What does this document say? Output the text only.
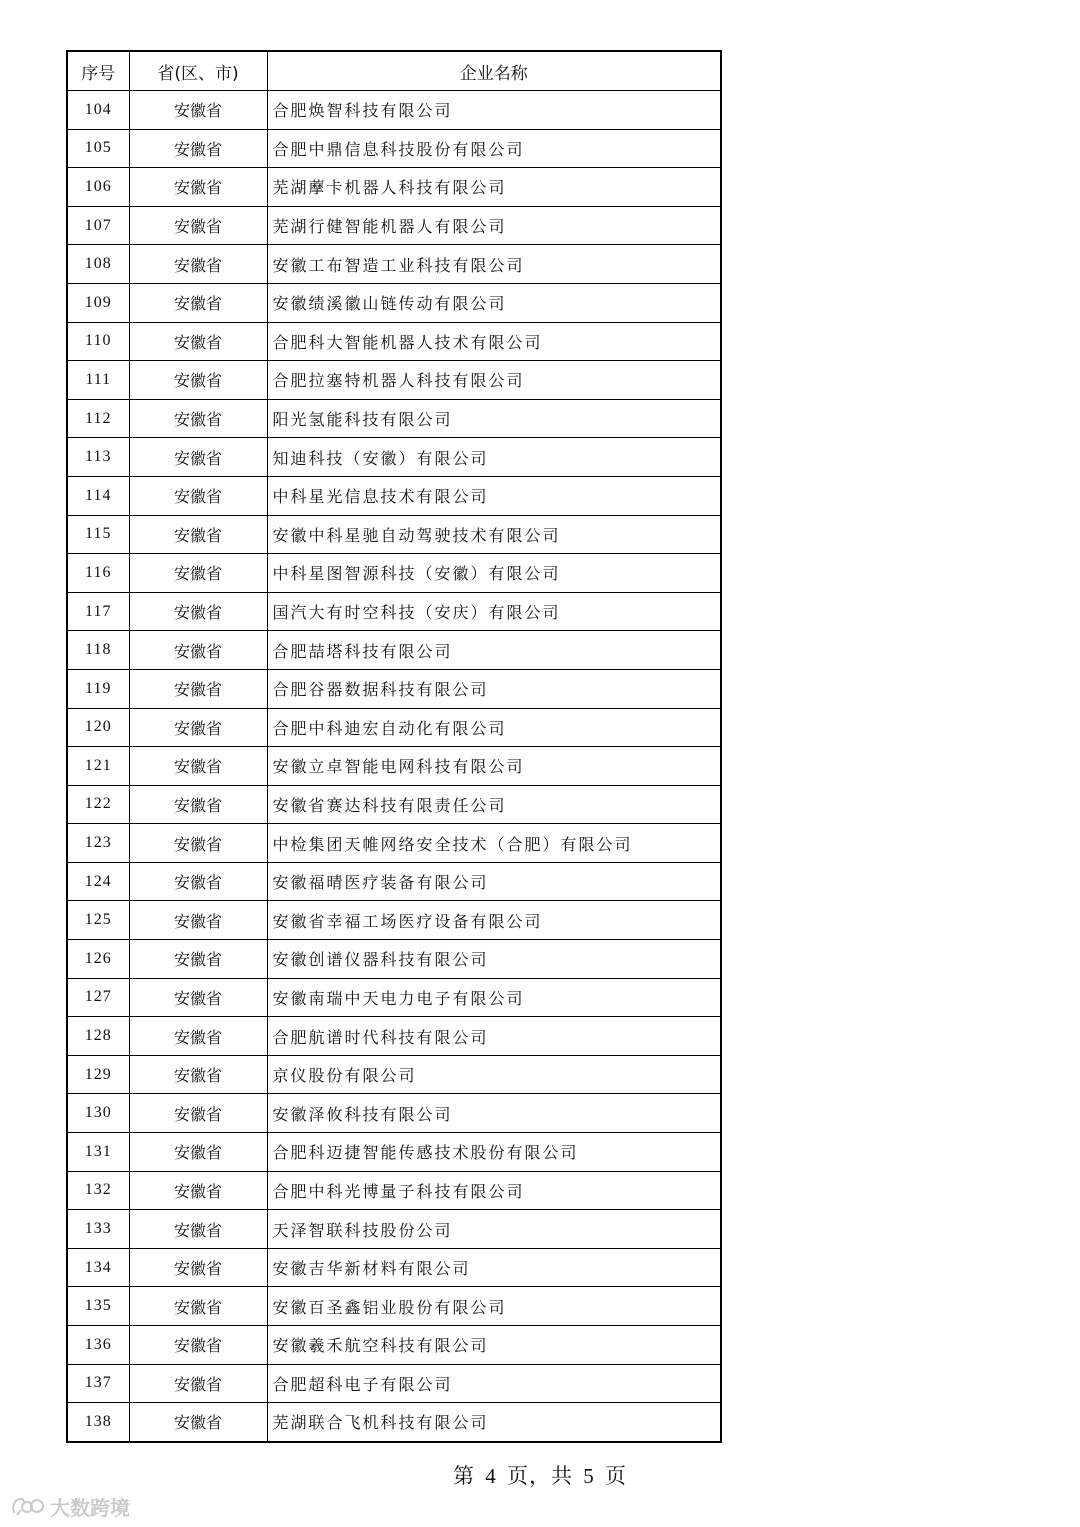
序号	省(区、市)	企业名称
104	安徽省	合肥焕智科技有限公司
105	安徽省	合肥中鼎信息科技股份有限公司
106	安徽省	芜湖藦卡机器人科技有限公司
107	安徽省	芜湖行健智能机器人有限公司
108	安徽省	安徽工布智造工业科技有限公司
109	安徽省	安徽绩溪徽山链传动有限公司
110	安徽省	合肥科大智能机器人技术有限公司
111	安徽省	合肥拉塞特机器人科技有限公司
112	安徽省	阳光氢能科技有限公司
113	安徽省	知迪科技（安徽）有限公司
114	安徽省	中科星光信息技术有限公司
115	安徽省	安徽中科星驰自动驾驶技术有限公司
116	安徽省	中科星图智源科技（安徽）有限公司
117	安徽省	国汽大有时空科技（安庆）有限公司
118	安徽省	合肥喆塔科技有限公司
119	安徽省	合肥谷器数据科技有限公司
120	安徽省	合肥中科迪宏自动化有限公司
121	安徽省	安徽立卓智能电网科技有限公司
122	安徽省	安徽省赛达科技有限责任公司
123	安徽省	中检集团天帷网络安全技术（合肥）有限公司
124	安徽省	安徽福晴医疗装备有限公司
125	安徽省	安徽省幸福工场医疗设备有限公司
126	安徽省	安徽创谱仪器科技有限公司
127	安徽省	安徽南瑞中天电力电子有限公司
128	安徽省	合肥航谱时代科技有限公司
129	安徽省	京仪股份有限公司
130	安徽省	安徽泽攸科技有限公司
131	安徽省	合肥科迈捷智能传感技术股份有限公司
132	安徽省	合肥中科光博量子科技有限公司
133	安徽省	天泽智联科技股份公司
134	安徽省	安徽吉华新材料有限公司
135	安徽省	安徽百圣鑫铝业股份有限公司
136	安徽省	安徽羲禾航空科技有限公司
137	安徽省	合肥超科电子有限公司
138	安徽省	芜湖联合飞机科技有限公司
第 4 页，共 5 页
大数跨境
